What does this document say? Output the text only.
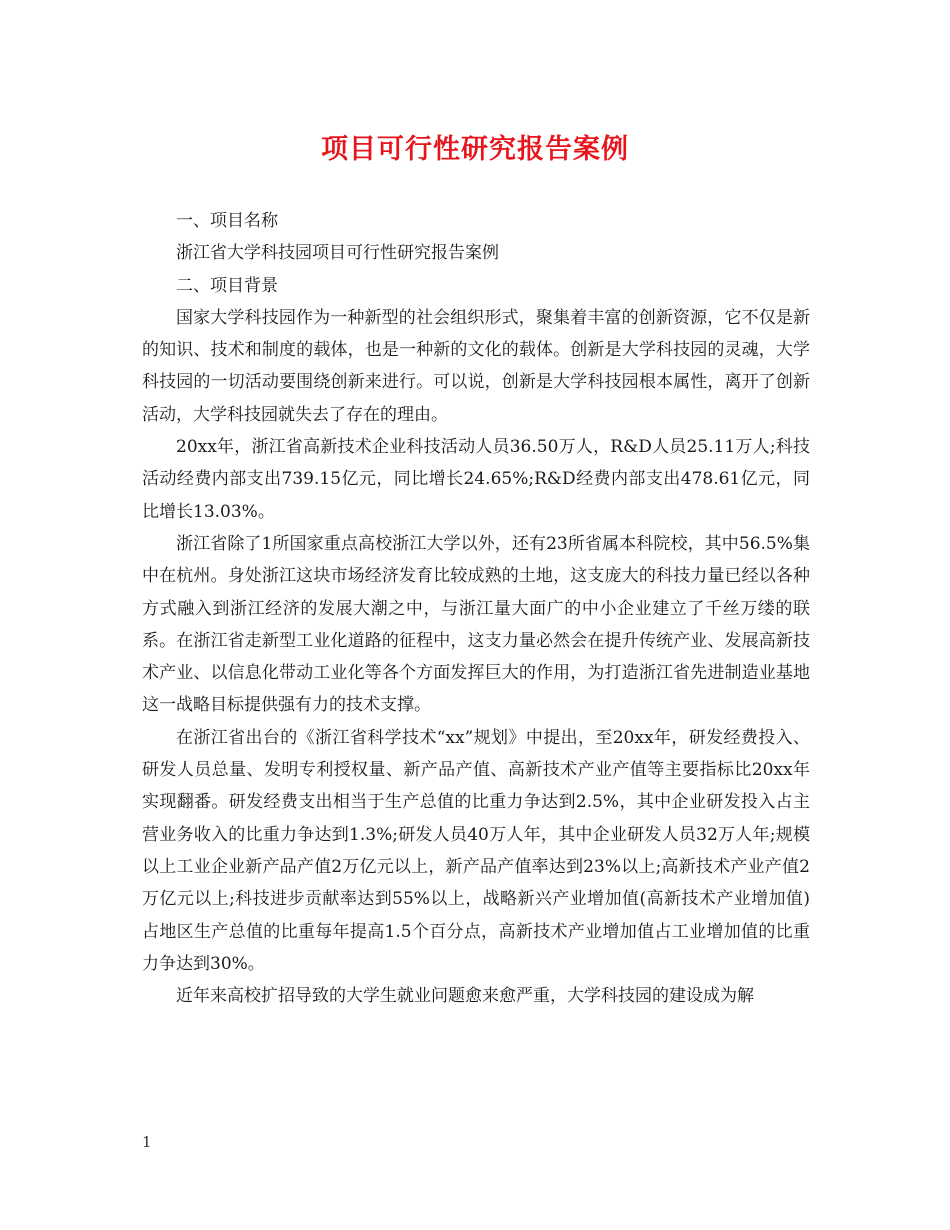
项目可行性研究报告案例

一、项目名称

浙江省大学科技园项目可行性研究报告案例

二、项目背景

国家大学科技园作为一种新型的社会组织形式，聚集着丰富的创新资源，它不仅是新的知识、技术和制度的载体，也是一种新的文化的载体。创新是大学科技园的灵魂，大学科技园的一切活动要围绕创新来进行。可以说，创新是大学科技园根本属性，离开了创新活动，大学科技园就失去了存在的理由。

20xx年，浙江省高新技术企业科技活动人员36.50万人，R&D人员25.11万人;科技活动经费内部支出739.15亿元，同比增长24.65%;R&D经费内部支出478.61亿元，同比增长13.03%。

浙江省除了1所国家重点高校浙江大学以外，还有23所省属本科院校，其中56.5%集中在杭州。身处浙江这块市场经济发育比较成熟的土地，这支庞大的科技力量已经以各种方式融入到浙江经济的发展大潮之中，与浙江量大面广的中小企业建立了千丝万缕的联系。在浙江省走新型工业化道路的征程中，这支力量必然会在提升传统产业、发展高新技术产业、以信息化带动工业化等各个方面发挥巨大的作用，为打造浙江省先进制造业基地这一战略目标提供强有力的技术支撑。

在浙江省出台的《浙江省科学技术“xx”规划》中提出，至20xx年，研发经费投入、研发人员总量、发明专利授权量、新产品产值、高新技术产业产值等主要指标比20xx年实现翻番。研发经费支出相当于生产总值的比重力争达到2.5%，其中企业研发投入占主营业务收入的比重力争达到1.3%;研发人员40万人年，其中企业研发人员32万人年;规模以上工业企业新产品产值2万亿元以上，新产品产值率达到23%以上;高新技术产业产值2万亿元以上;科技进步贡献率达到55%以上，战略新兴产业增加值(高新技术产业增加值)占地区生产总值的比重每年提高1.5个百分点，高新技术产业增加值占工业增加值的比重力争达到30%。

近年来高校扩招导致的大学生就业问题愈来愈严重，大学科技园的建设成为解

1
